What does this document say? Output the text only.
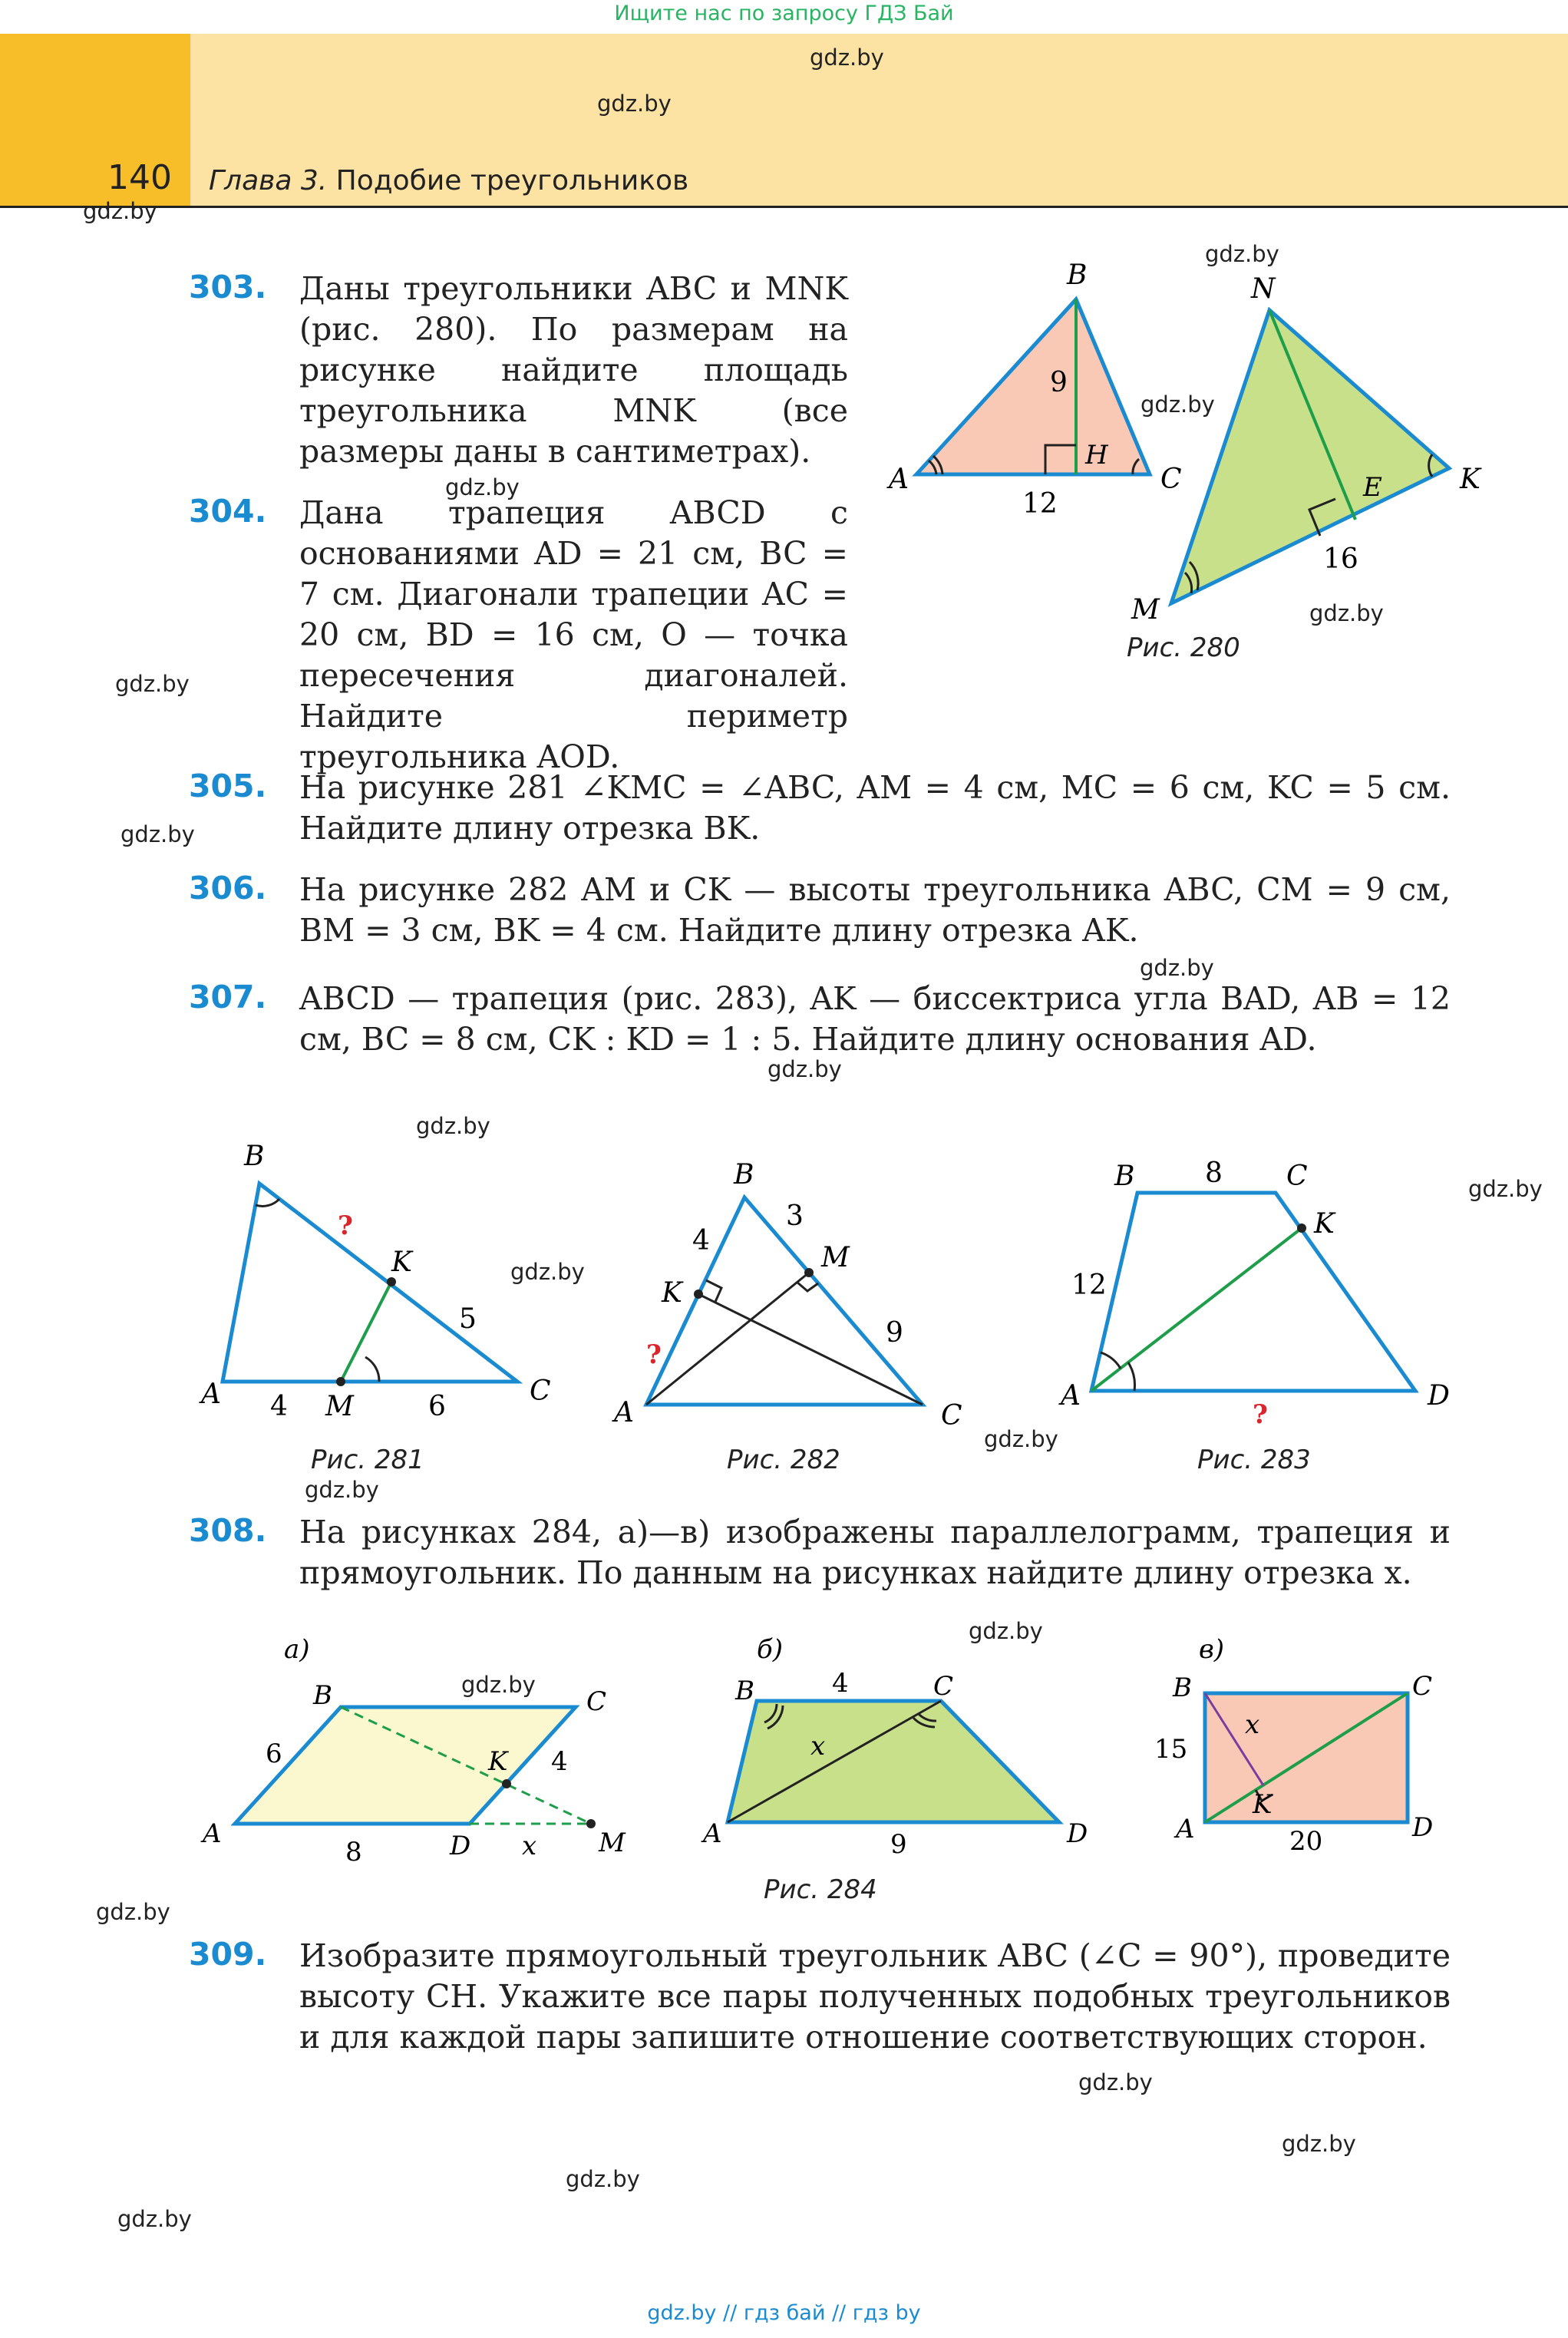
Ищите нас по запросу ГДЗ Бай
140 Глава 3. Подобие треугольников
gdz.by
gdz.by
gdz.by
gdz.by
gdz.by
gdz.by
gdz.by
gdz.by
gdz.by
gdz.by
gdz.by
gdz.by
gdz.by
gdz.by
gdz.by
gdz.by
gdz.by
gdz.by
gdz.by
gdz.by
gdz.by
gdz.by
gdz.by
303. Даны треугольники ABC и MNK (рис. 280). По размерам на рисунке найдите площадь треугольника MNK (все размеры даны в сантиметрах).
304. Дана трапеция ABCD с основаниями AD = 21 см, BC = 7 см. Диагонали трапеции AC = 20 см, BD = 16 см, O — точка пересечения диагоналей. Найдите периметр треугольника AOD.
A
B
C
H
9
12
M
N
K
E
16
Рис. 280
305. На рисунке 281 ∠KMC = ∠ABC, AM = 4 см, MC = 6 см, KC = 5 см. Найдите длину отрезка BK.
306. На рисунке 282 AM и CK — высоты треугольника ABC, CM = 9 см, BM = 3 см, BK = 4 см. Найдите длину отрезка AK.
307. ABCD — трапеция (рис. 283), AK — биссектриса угла BAD, AB = 12 см, BC = 8 см, CK : KD = 1 : 5. Найдите длину основания AD.
A
B
C
K
M
4	6
5
?
Рис. 281
A
B
C
K
M
4
3
9
?
Рис. 282
A
B	C
D
K
8
12
?
Рис. 283
308. На рисунках 284, а)—в) изображены параллелограмм, трапеция и прямоугольник. По данным на рисунках найдите длину отрезка x.
а)
A
B	C
D
K
M
6
8
4
x
б)
A
B	C
D
4
9
x
в)
B	C
A	D
K
15
20
x
Рис. 284
309. Изобразите прямоугольный треугольник ABC (∠C = 90°), проведите высоту CH. Укажите все пары полученных подобных треугольников и для каждой пары запишите отношение соответствующих сторон.
gdz.by // гдз бай // гдз by
